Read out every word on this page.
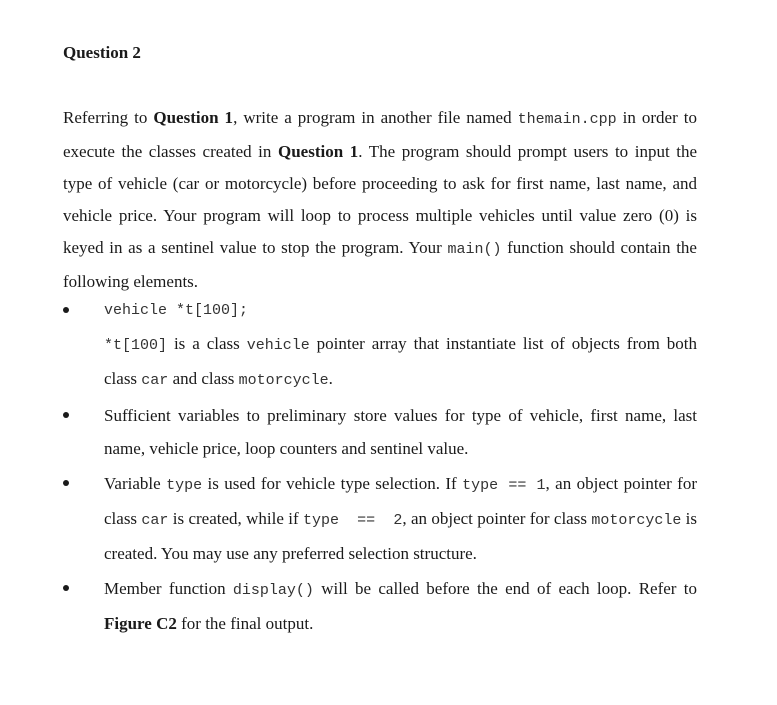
Question 2
Referring to Question 1, write a program in another file named themain.cpp in order to execute the classes created in Question 1. The program should prompt users to input the type of vehicle (car or motorcycle) before proceeding to ask for first name, last name, and vehicle price. Your program will loop to process multiple vehicles until value zero (0) is keyed in as a sentinel value to stop the program. Your main() function should contain the following elements.
vehicle *t[100];
*t[100] is a class vehicle pointer array that instantiate list of objects from both class car and class motorcycle.
Sufficient variables to preliminary store values for type of vehicle, first name, last name, vehicle price, loop counters and sentinel value.
Variable type is used for vehicle type selection. If type == 1, an object pointer for class car is created, while if type  ==  2, an object pointer for class motorcycle is created. You may use any preferred selection structure.
Member function display() will be called before the end of each loop. Refer to Figure C2 for the final output.
